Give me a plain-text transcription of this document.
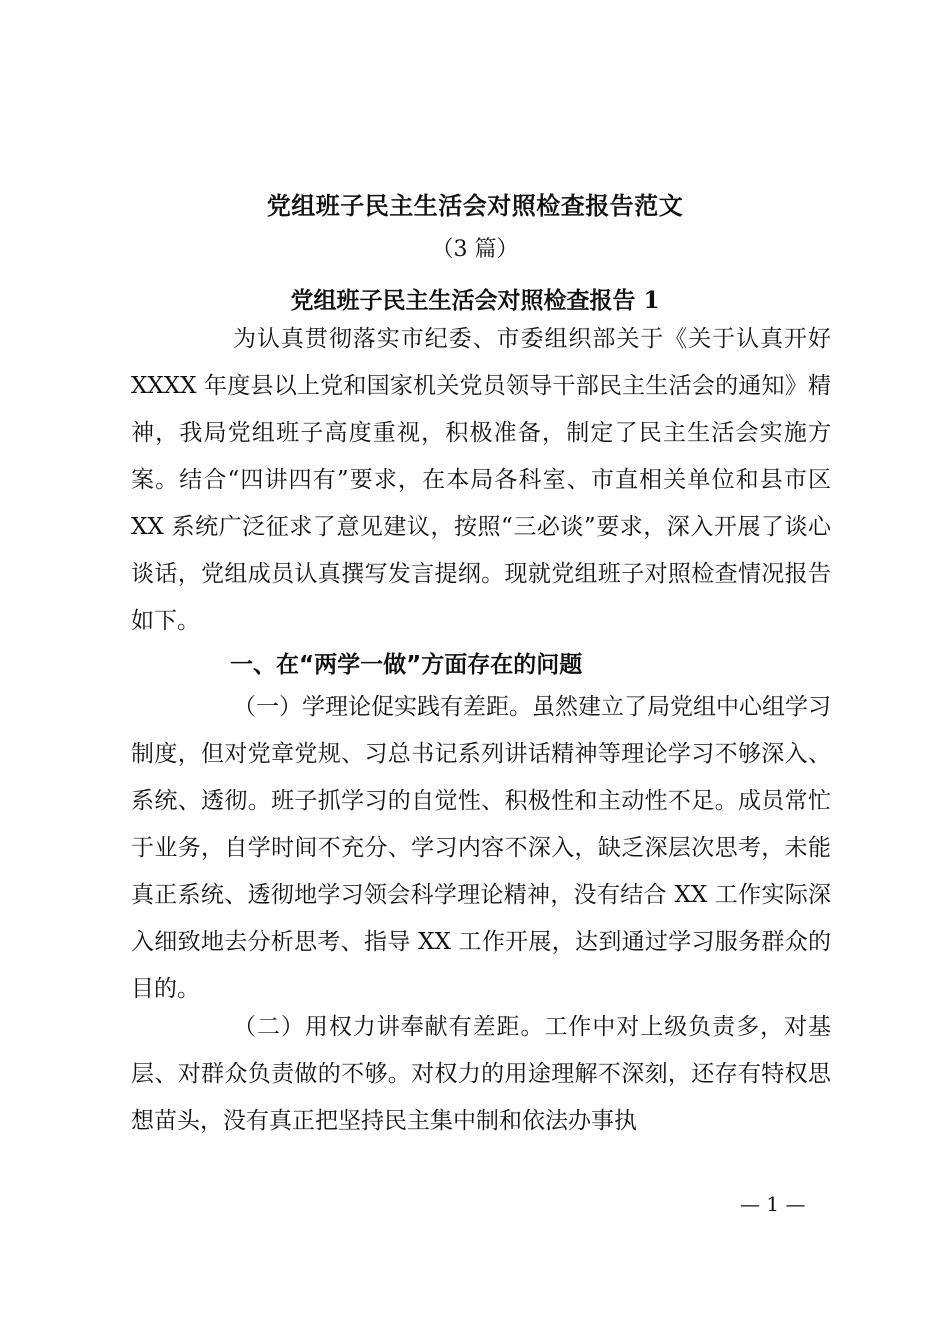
党组班子民主生活会对照检查报告范文
（3 篇）
党组班子民主生活会对照检查报告 1
为认真贯彻落实市纪委、市委组织部关于《关于认真开好 XXXX 年度县以上党和国家机关党员领导干部民主生活会的通知》精神，我局党组班子高度重视，积极准备，制定了民主生活会实施方案。结合“四讲四有”要求，在本局各科室、市直相关单位和县市区 XX 系统广泛征求了意见建议，按照“三必谈”要求，深入开展了谈心谈话，党组成员认真撰写发言提纲。现就党组班子对照检查情况报告如下。
一、在“两学一做”方面存在的问题
（一）学理论促实践有差距。虽然建立了局党组中心组学习制度，但对党章党规、习总书记系列讲话精神等理论学习不够深入、系统、透彻。班子抓学习的自觉性、积极性和主动性不足。成员常忙于业务，自学时间不充分、学习内容不深入，缺乏深层次思考，未能真正系统、透彻地学习领会科学理论精神，没有结合 XX 工作实际深入细致地去分析思考、指导 XX 工作开展，达到通过学习服务群众的目的。
（二）用权力讲奉献有差距。工作中对上级负责多，对基层、对群众负责做的不够。对权力的用途理解不深刻，还存有特权思想苗头，没有真正把坚持民主集中制和依法办事执
— 1 —
